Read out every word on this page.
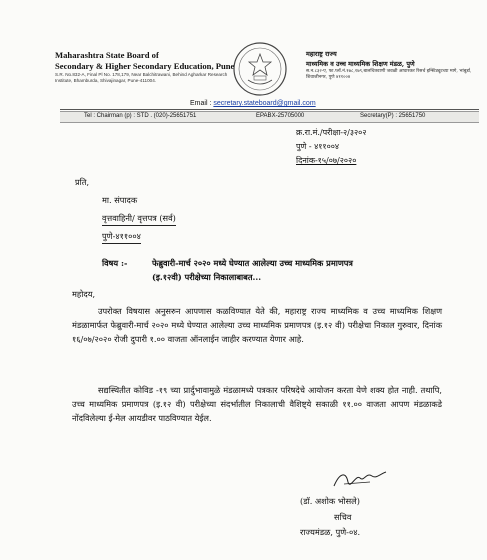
Maharashtra State Board of
Secondary & Higher Secondary Education, Pune
S.R. No.832-A, Final Pl No. 178,179, Near Balchitrawani, Behind Agharkar Research Institute, Bhamburda, Shivajinagar, Pune-411004.
महाराष्ट्र राज्य
माध्यमिक व उच्च माध्यमिक शिक्षण मंडळ, पुणे
स.न.८३२-ए, फा.प्लॉ.नं.१७८,१७९,बालचित्रवाणी जवळी आघारकर रिसर्च इन्स्टिट्यूटच्या मागे, भांबुर्डा, शिवाजीनगर, पुणे ४११००४
Email : secretary.stateboard@gmail.com
Tel : Chairman (p) : STD . (020)-25651751	EPABX-25705000	Secretary(P) : 25651750
क्र.रा.मं./परीक्षा-२/३२०२
पुणे - ४११००४
दिनांक-१५/०७/२०२०
प्रति,
मा. संपादक
वृत्तवाहिनी/ वृत्तपत्र (सर्व)
पुणे-४११००४
विषय :-	फेब्रुवारी-मार्च २०२० मध्ये घेण्यात आलेल्या उच्च माध्यमिक प्रमाणपत्र
(इ.१२वी) परीक्षेच्या निकालाबाबत...
महोदय,
उपरोक्त विषयास अनुसरुन आपणास कळविण्यात येते की, महाराष्ट्र राज्य माध्यमिक व उच्च माध्यमिक शिक्षण मंडळामार्फत फेब्रुवारी-मार्च २०२० मध्ये घेण्यात आलेल्या उच्च माध्यमिक प्रमाणपत्र (इ.१२ वी) परीक्षेचा निकाल गुरुवार, दिनांक १६/०७/२०२० रोजी दुपारी १.०० वाजता ऑनलाईन जाहीर करण्यात येणार आहे.
सद्यस्थितीत कोविड -१९ च्या प्रार्दुभावामुळे मंडळामध्ये पत्रकार परिषदेचे आयोजन करता येणे शक्य होत नाही. तथापि, उच्च माध्यमिक प्रमाणपत्र (इ.१२ वी) परीक्षेच्या संदर्भातील निकालाची वैशिष्ट्ये सकाळी ११.०० वाजता आपण मंडळाकडे नोंदविलेल्या ई-मेल आयडीवर पाठविण्यात येईल.
(डॉ. अशोक भोसले)
सचिव
राज्यमंडळ, पुणे-०४.
